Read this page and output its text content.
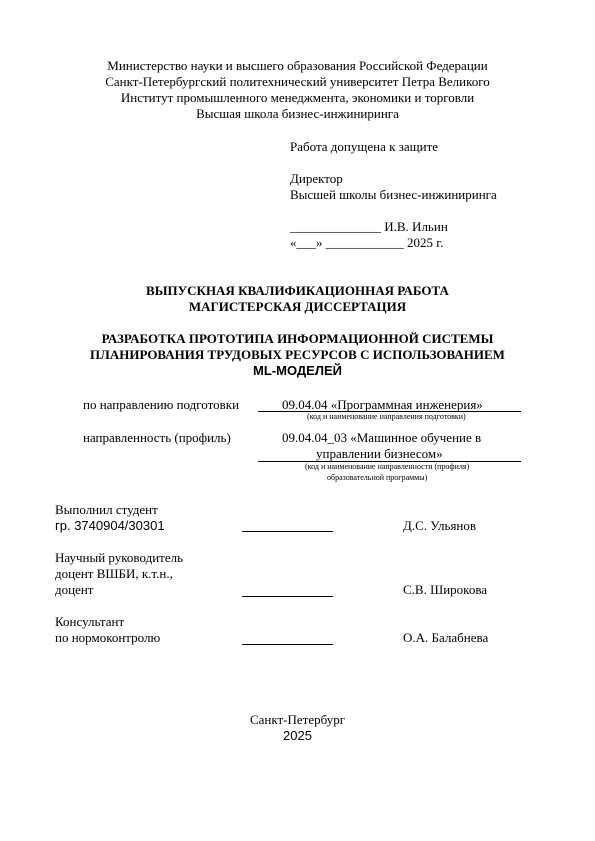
Министерство науки и высшего образования Российской Федерации
Санкт-Петербургский политехнический университет Петра Великого
Институт промышленного менеджмента, экономики и торговли
Высшая школа бизнес-инжиниринга
Работа допущена к защите
Директор
Высшей школы бизнес-инжиниринга
______________ И.В. Ильин
«___» ____________ 2025 г.
ВЫПУСКНАЯ КВАЛИФИКАЦИОННАЯ РАБОТА
МАГИСТЕРСКАЯ ДИССЕРТАЦИЯ
РАЗРАБОТКА ПРОТОТИПА ИНФОРМАЦИОННОЙ СИСТЕМЫ
ПЛАНИРОВАНИЯ ТРУДОВЫХ РЕСУРСОВ С ИСПОЛЬЗОВАНИЕМ
ML-МОДЕЛЕЙ
по направлению подготовки	09.04.04 «Программная инженерия»
(код и наименование направления подготовки)
направленность (профиль)	09.04.04_03 «Машинное обучение в
управлении бизнесом»
(код и наименование направленности (профиля)
образовательной программы)
Выполнил студент
гр. 3740904/30301	Д.С. Ульянов
Научный руководитель
доцент ВШБИ, к.т.н.,
доцент	С.В. Широкова
Консультант
по нормоконтролю	О.А. Балабнева
Санкт-Петербург
2025
